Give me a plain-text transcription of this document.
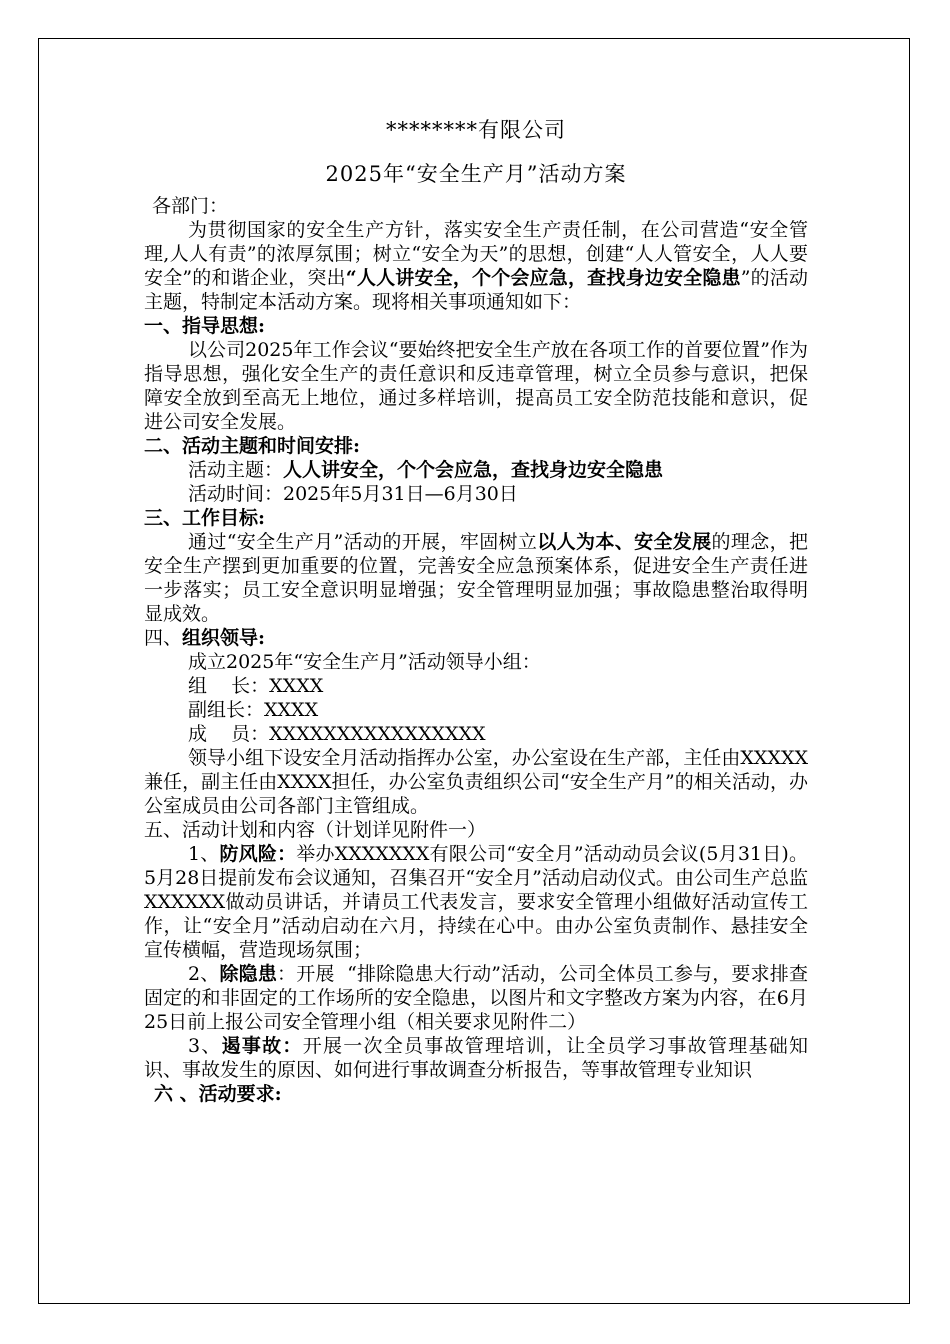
********有限公司
2025年“安全生产月”活动方案

各部门：

为贯彻国家的安全生产方针，落实安全生产责任制，在公司营造“安全管理,人人有责”的浓厚氛围；树立“安全为天”的思想，创建“人人管安全，人人要安全”的和谐企业，突出“人人讲安全，个个会应急，查找身边安全隐患”的活动主题，特制定本活动方案。现将相关事项通知如下：

一、指导思想:

以公司2025年工作会议“要始终把安全生产放在各项工作的首要位置”作为指导思想，强化安全生产的责任意识和反违章管理，树立全员参与意识，把保障安全放到至高无上地位，通过多样培训，提高员工安全防范技能和意识，促进公司安全发展。

二、活动主题和时间安排:

活动主题：人人讲安全，个个会应急，查找身边安全隐患

活动时间：2025年5月31日—6月30日

三、工作目标:

通过“安全生产月”活动的开展，牢固树立以人为本、安全发展的理念，把安全生产摆到更加重要的位置，完善安全应急预案体系，促进安全生产责任进一步落实；员工安全意识明显增强；安全管理明显加强；事故隐患整治取得明显成效。

四、组织领导:

成立2025年“安全生产月”活动领导小组：

组    长：XXXX

副组长：XXXX

成    员：XXXXXXXXXXXXXXXX

领导小组下设安全月活动指挥办公室，办公室设在生产部，主任由XXXXX兼任，副主任由XXXX担任，办公室负责组织公司“安全生产月”的相关活动，办公室成员由公司各部门主管组成。

五、活动计划和内容（计划详见附件一）

1、防风险：举办XXXXXXX有限公司“安全月”活动动员会议(5月31日)。5月28日提前发布会议通知，召集召开“安全月”活动启动仪式。由公司生产总监XXXXXX做动员讲话，并请员工代表发言，要求安全管理小组做好活动宣传工作，让“安全月”活动启动在六月，持续在心中。由办公室负责制作、悬挂安全宣传横幅，营造现场氛围；

2、除隐患：开展  “排除隐患大行动”活动，公司全体员工参与，要求排查固定的和非固定的工作场所的安全隐患，以图片和文字整改方案为内容，在6月25日前上报公司安全管理小组（相关要求见附件二）

3、遏事故：开展一次全员事故管理培训，让全员学习事故管理基础知识、事故发生的原因、如何进行事故调查分析报告，等事故管理专业知识

六 、活动要求:
